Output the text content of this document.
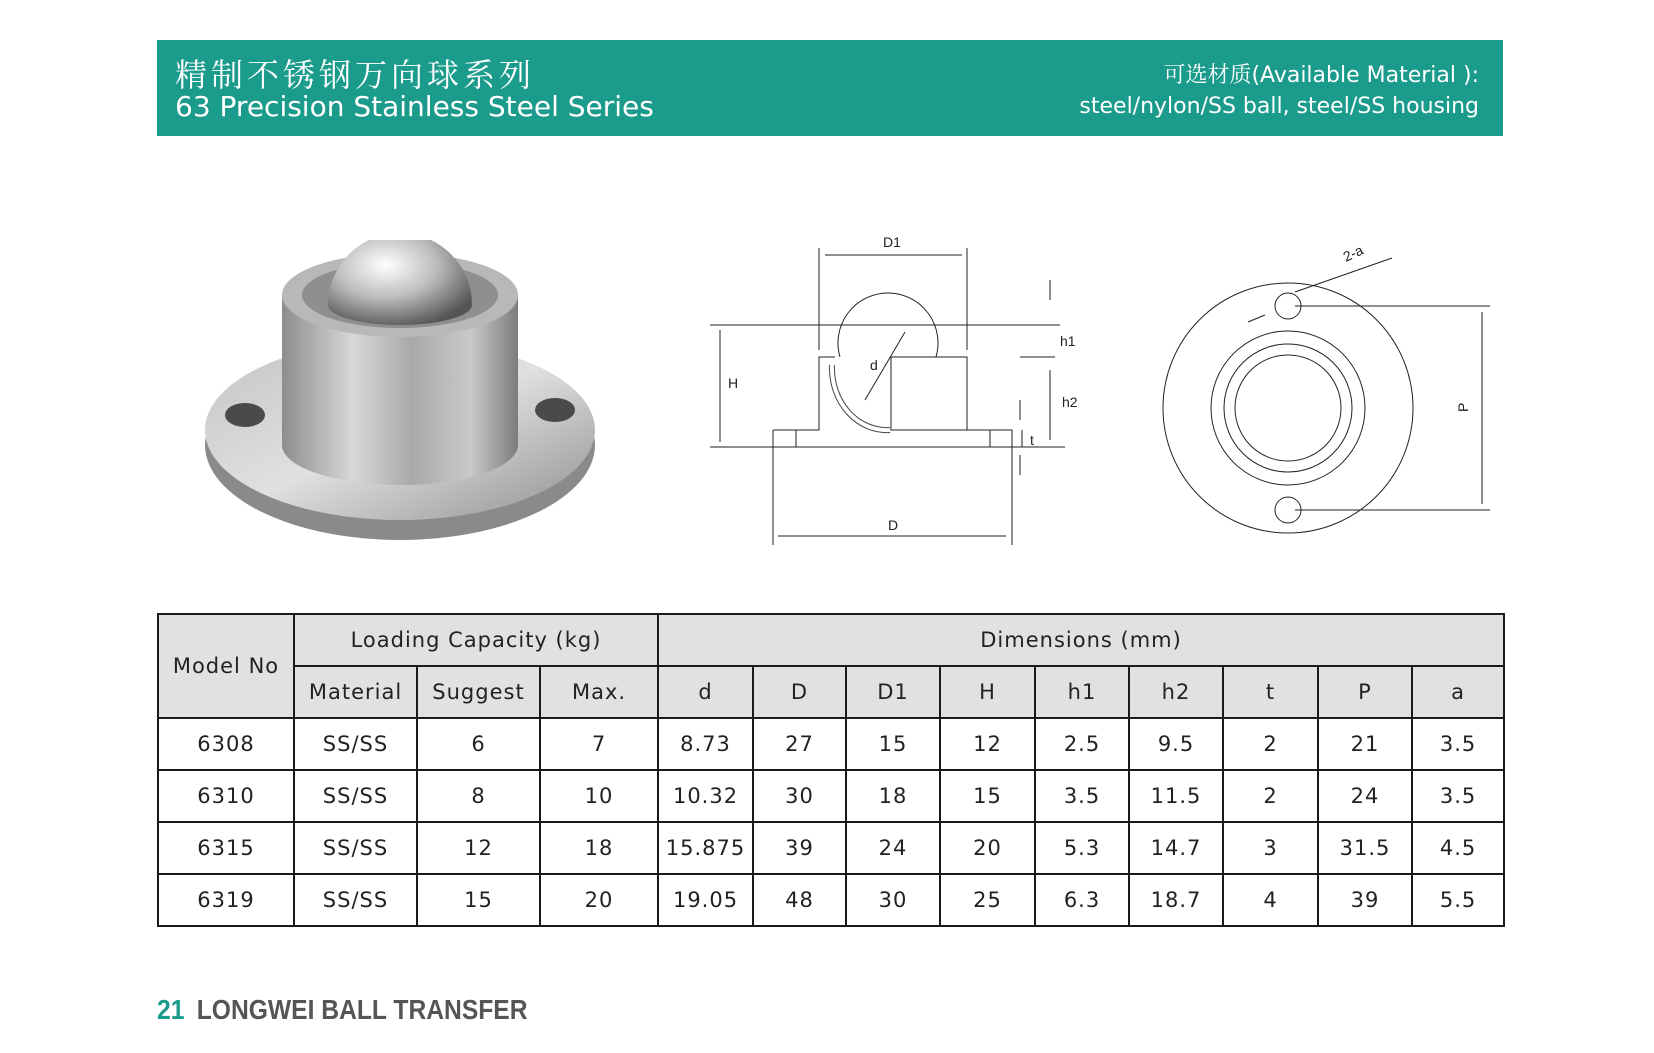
精制不锈钢万向球系列
63 Precision Stainless Steel Series
可选材质(Available Material ):
steel/nylon/SS ball, steel/SS housing
D1
H
d
h1
h2
t
D
2-a
P
Model No	Loading Capacity (kg)			Dimensions (mm)								
	Material	Suggest	Max.	d	D	D1	H	h1	h2	t	P	a
6308	SS/SS	6	7	8.73	27	15	12	2.5	9.5	2	21	3.5
6310	SS/SS	8	10	10.32	30	18	15	3.5	11.5	2	24	3.5
6315	SS/SS	12	18	15.875	39	24	20	5.3	14.7	3	31.5	4.5
6319	SS/SS	15	20	19.05	48	30	25	6.3	18.7	4	39	5.5
21 LONGWEI BALL TRANSFER
